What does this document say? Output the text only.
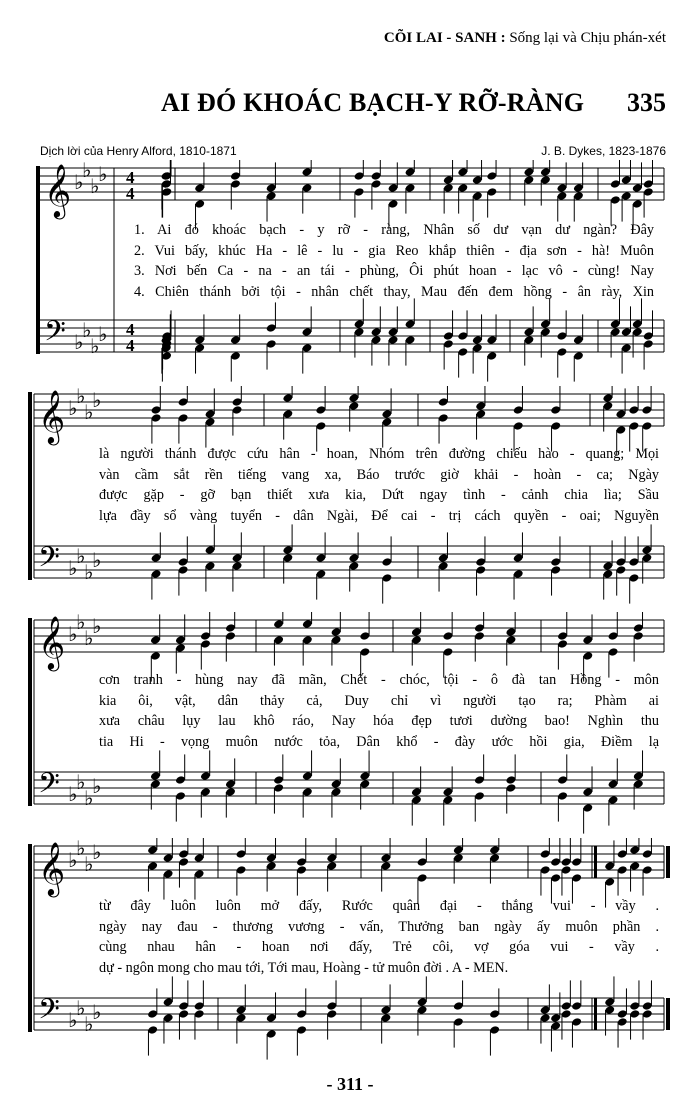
CÕI LAI - SANH : Sống lại và Chịu phán-xét
AI ĐÓ KHOÁC BẠCH-Y RỠ-RÀNG 335
Dịch lời của Henry Alford, 1810-1871	J. B. Dykes, 1823-1876
𝄞
𝄢
♭
♭
♭
♭
♭
♭
♭
♭
4
4
4
4
1. Ai đó khoác bạch - y rỡ - ràng, Nhân số dư vạn dư ngàn? Đây
2. Vui bấy, khúc Ha - lê - lu - gia Reo khắp thiên - địa sơn - hà! Muôn
3. Nơi bến Ca - na - an tái - phùng, Ôi phút hoan - lạc vô - cùng! Nay
4. Chiên thánh bởi tội - nhân chết thay, Mau đến đem hồng - ân rày, Xin
𝄞
𝄢
♭
♭
♭
♭
♭
♭
♭
♭
là người thánh được cứu hân - hoan, Nhóm trên đường chiếu hào - quang; Mọi
vàn cầm sắt rền tiếng vang xa, Báo trước giờ khải - hoàn - ca; Ngày
được gặp - gỡ bạn thiết xưa kia, Dứt ngay tình - cảnh chia lìa; Sầu
lựa đầy sổ vàng tuyển - dân Ngài, Để cai - trị cách quyền - oai; Nguyền
𝄞
𝄢
♭
♭
♭
♭
♭
♭
♭
♭
cơn tranh - hùng nay đã mãn, Chết - chóc, tội - ô đà tan Hồng - môn
kia ôi, vật, dân thảy cả, Duy chỉ vì người tạo ra; Phàm ai
xưa châu lụy lau khô ráo, Nay hóa đẹp tươi dường bao! Nghìn thu
tia Hi - vọng muôn nước tỏa, Dân khổ - đày ước hồi gia, Điềm lạ
𝄞
𝄢
♭
♭
♭
♭
♭
♭
♭
♭
từ đây luôn luôn mở đấy, Rước quân đại - thắng vui - vầy .
ngày nay đau - thương vương - vấn, Thưởng ban ngày ấy muôn phần .
cùng nhau hân - hoan nơi đấy, Trẻ côi, vợ góa vui - vầy .
dự - ngôn mong cho mau tới, Tới mau, Hoàng - tử muôn đời . A - MEN.
- 311 -
